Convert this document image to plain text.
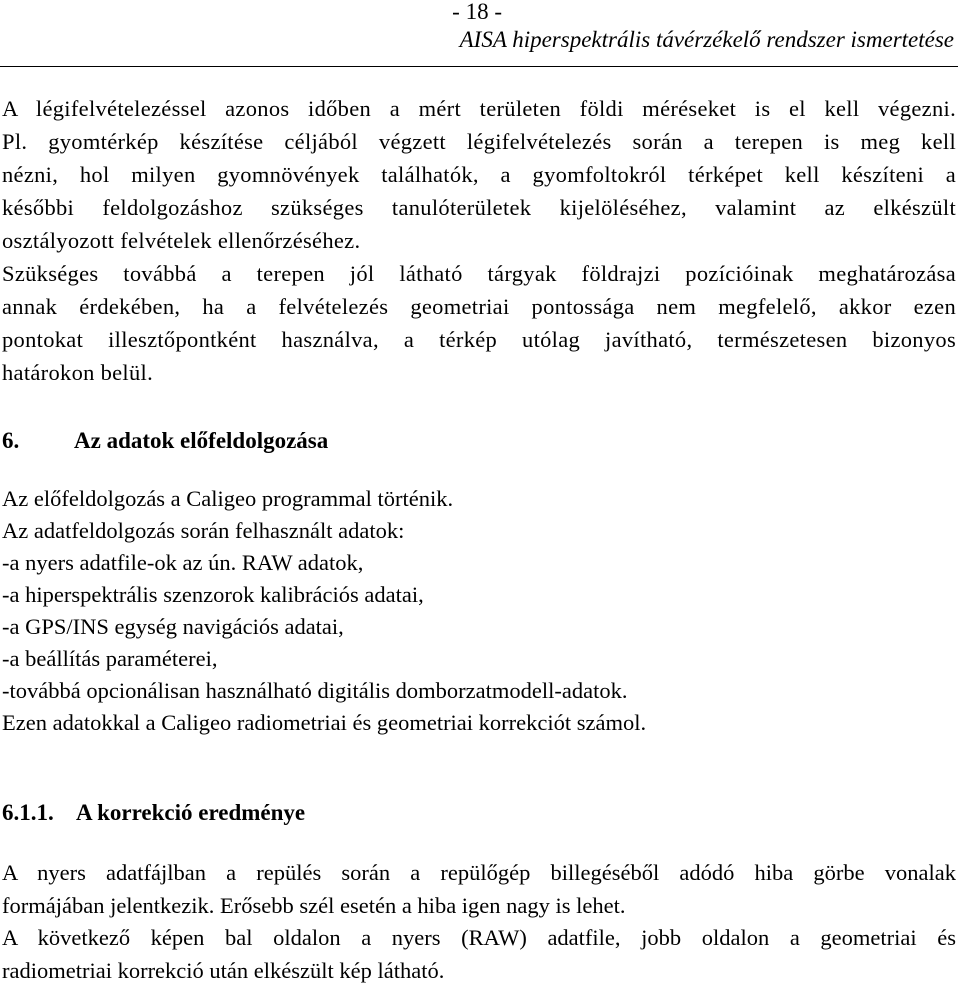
- 18 -
AISA hiperspektrális távérzékelő rendszer ismertetése

A légifelvételezéssel azonos időben a mért területen földi méréseket is el kell végezni.
Pl. gyomtérkép készítése céljából végzett légifelvételezés során a terepen is meg kell
nézni, hol milyen gyomnövények találhatók, a gyomfoltokról térképet kell készíteni a
későbbi feldolgozáshoz szükséges tanulóterületek kijelöléséhez, valamint az elkészült
osztályozott felvételek ellenőrzéséhez.

Szükséges továbbá a terepen jól látható tárgyak földrajzi pozícióinak meghatározása
annak érdekében, ha a felvételezés geometriai pontossága nem megfelelő, akkor ezen
pontokat illesztőpontként használva, a térkép utólag javítható, természetesen bizonyos
határokon belül.

6. Az adatok előfeldolgozása
Az előfeldolgozás a Caligeo programmal történik.
Az adatfeldolgozás során felhasznált adatok:
-a nyers adatfile-ok az ún. RAW adatok,
-a hiperspektrális szenzorok kalibrációs adatai,
-a GPS/INS egység navigációs adatai,
-a beállítás paraméterei,
-továbbá opcionálisan használható digitális domborzatmodell-adatok.
Ezen adatokkal a Caligeo radiometriai és geometriai korrekciót számol.
6.1.1. A korrekció eredménye

A nyers adatfájlban a repülés során a repülőgép billegéséből adódó hiba görbe vonalak
formájában jelentkezik. Erősebb szél esetén a hiba igen nagy is lehet.

A következő képen bal oldalon a nyers (RAW) adatfile, jobb oldalon a geometriai és
radiometriai korrekció után elkészült kép látható.
